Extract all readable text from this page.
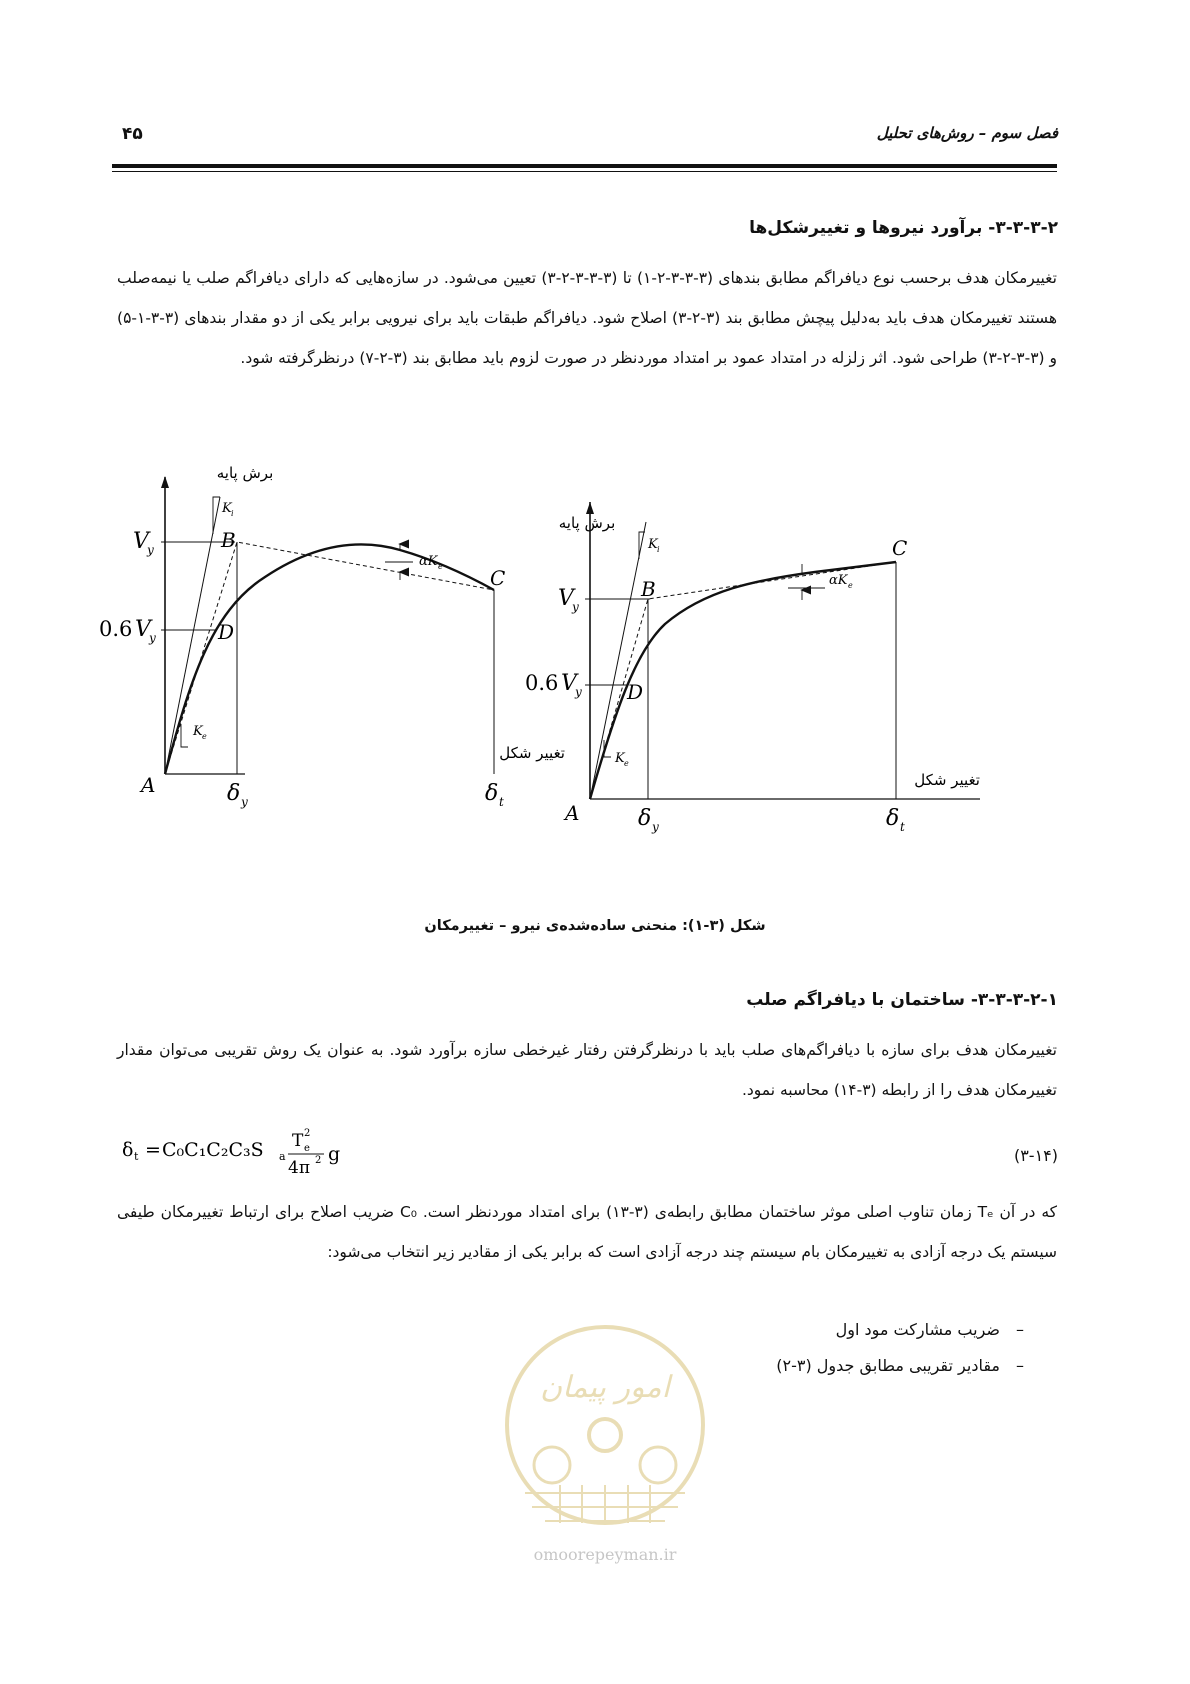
فصل سوم – روش‌های تحلیل
۴۵
۳-۳-۳-۲- برآورد نیروها و تغییرشکل‌ها
تغییرمکان هدف برحسب نوع دیافراگم مطابق بندهای (۳-۳-۳-۲-۱) تا (۳-۳-۳-۲-۳) تعیین می‌شود. در سازه‌هایی که دارای دیافراگم صلب یا نیمه‌صلب هستند تغییرمکان هدف باید به‌دلیل پیچش مطابق بند (۳-۲-۳) اصلاح شود. دیافراگم طبقات باید برای نیرویی برابر یکی از دو مقدار بندهای (۳-۳-۱-۵) و (۳-۳-۲-۳) طراحی شود. اثر زلزله در امتداد عمود بر امتداد موردنظر در صورت لزوم باید مطابق بند (۳-۲-۷) درنظرگرفته شود.
برش پایه
V
y
0.6 V
y
B
D
C
A
K i
K e
αK e
تغییر شکل
δ y	δ t
برش پایه
V
y
0.6 V
y
B
D
C
A
K i
K e
αK e
تغییر شکل
δ y	δ t
شکل (۳-۱): منحنی ساده‌شده‌ی نیرو – تغییرمکان
۳-۳-۳-۲-۱- ساختمان با دیافراگم صلب
تغییرمکان هدف برای سازه با دیافراگم‌های صلب باید با درنظرگرفتن رفتار غیرخطی سازه برآورد شود. به عنوان یک روش تقریبی می‌توان مقدار تغییرمکان هدف را از رابطه (۳-۱۴) محاسبه نمود.
δ t = C₀C₁C₂C₃S a
T 2
e
4π 2 g	(۳-۱۴)
که در آن Tₑ زمان تناوب اصلی موثر ساختمان مطابق رابطه‌ی (۳-۱۳) برای امتداد موردنظر است. C₀ ضریب اصلاح برای ارتباط تغییرمکان طیفی سیستم یک درجه آزادی به تغییرمکان بام سیستم چند درجه آزادی است که برابر یکی از مقادیر زیر انتخاب می‌شود:
–ضریب مشارکت مود اول
–مقادیر تقریبی مطابق جدول (۳-۲)
امور پیمان
omoorepeyman.ir
